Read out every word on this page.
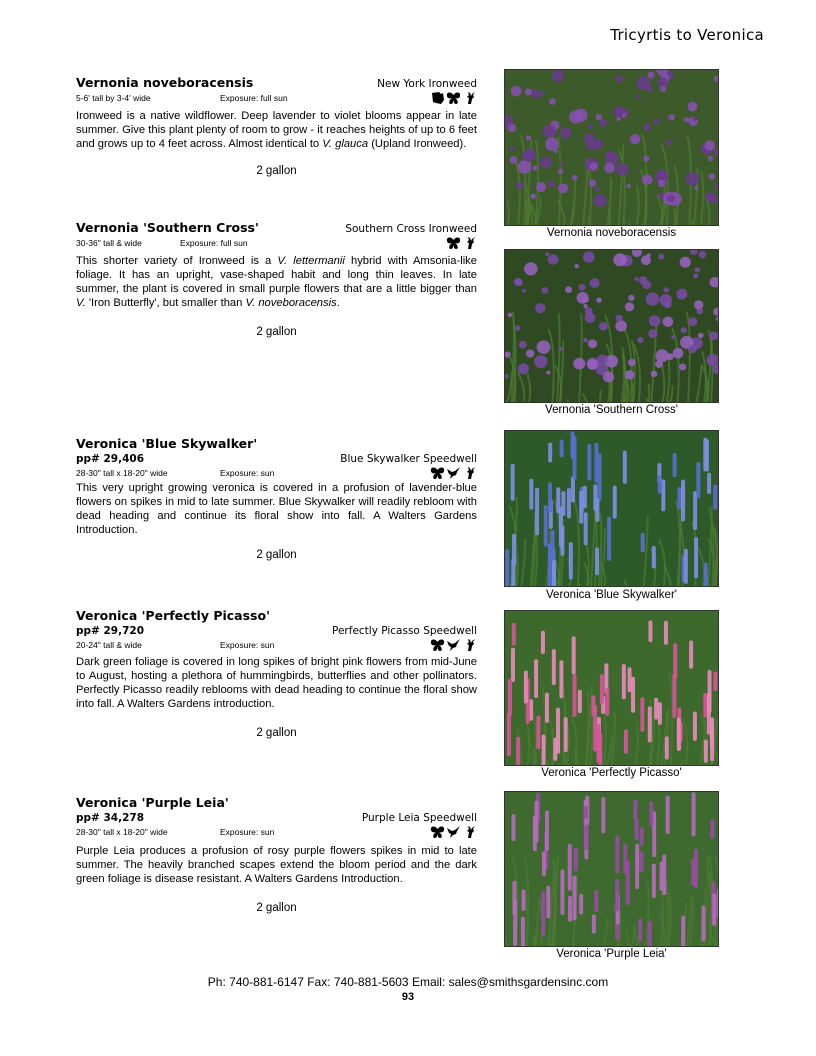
Tricyrtis to Veronica
Vernonia noveboracensis	New York Ironweed
5-6' tall by 3-4' wide	Exposure: full sun
Ironweed is a native wildflower. Deep lavender to violet blooms appear in late summer. Give this plant plenty of room to grow - it reaches heights of up to 6 feet and grows up to 4 feet across. Almost identical to V. glauca (Upland Ironweed).
2 gallon
Vernonia 'Southern Cross'	Southern Cross Ironweed
30-36" tall & wide	Exposure: full sun
This shorter variety of Ironweed is a V. lettermanii hybrid with Amsonia-like foliage. It has an upright, vase-shaped habit and long thin leaves. In late summer, the plant is covered in small purple flowers that are a little bigger than V. 'Iron Butterfly', but smaller than V. noveboracensis.
2 gallon
Veronica 'Blue Skywalker'
pp# 29,406	Blue Skywalker Speedwell
28-30" tall x 18-20" wide	Exposure: sun
This very upright growing veronica is covered in a profusion of lavender-blue flowers on spikes in mid to late summer. Blue Skywalker will readily rebloom with dead heading and continue its floral show into fall. A Walters Gardens Introduction.
2 gallon
Veronica 'Perfectly Picasso'
pp# 29,720	Perfectly Picasso Speedwell
20-24" tall & wide	Exposure: sun
Dark green foliage is covered in long spikes of bright pink flowers from mid-June to August, hosting a plethora of hummingbirds, butterflies and other pollinators. Perfectly Picasso readily reblooms with dead heading to continue the floral show into fall. A Walters Gardens introduction.
2 gallon
Veronica 'Purple Leia'
pp# 34,278	Purple Leia Speedwell
28-30" tall x 18-20" wide	Exposure: sun
Purple Leia produces a profusion of rosy purple flowers spikes in mid to late summer. The heavily branched scapes extend the bloom period and the dark green foliage is disease resistant. A Walters Gardens Introduction.
2 gallon
Vernonia noveboracensis
Vernonia 'Southern Cross'
Veronica 'Blue Skywalker'
Veronica 'Perfectly Picasso'
Veronica 'Purple Leia'
Ph: 740-881-6147 Fax: 740-881-5603 Email: sales@smithsgardensinc.com
93
